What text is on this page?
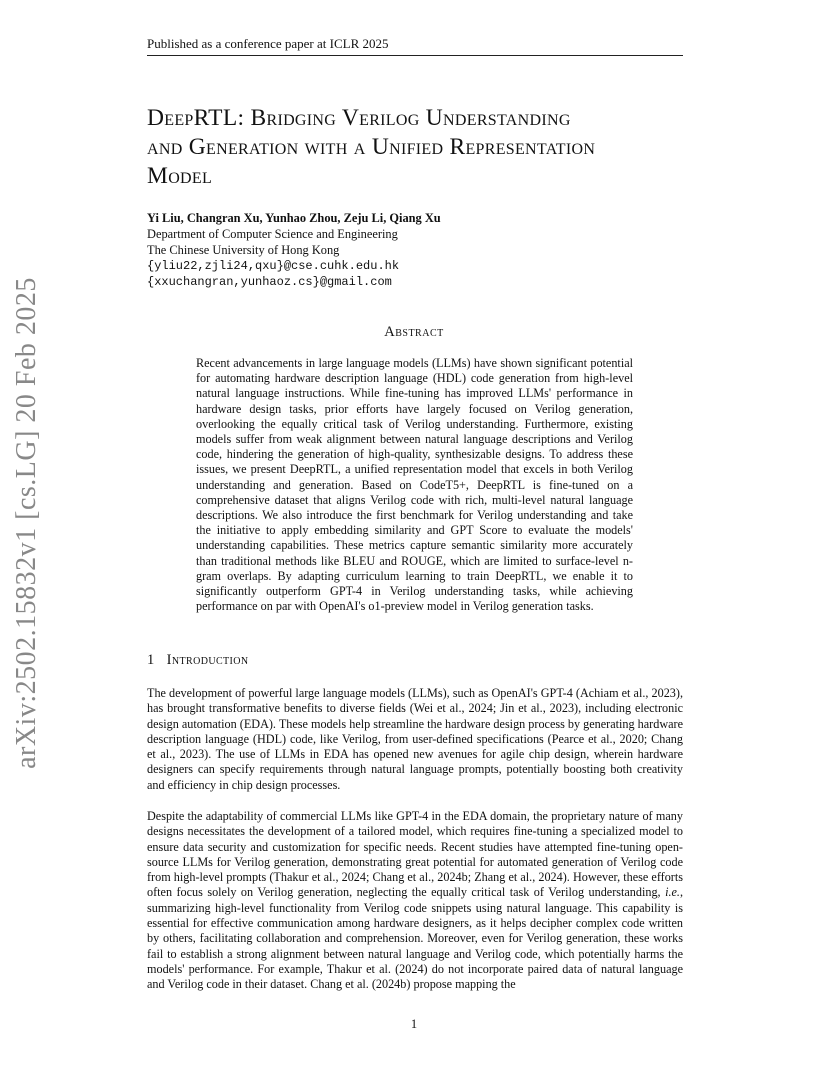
Published as a conference paper at ICLR 2025
arXiv:2502.15832v1 [cs.LG] 20 Feb 2025
DeepRTL: Bridging Verilog Understanding
and Generation with a Unified Representation
Model
Yi Liu, Changran Xu, Yunhao Zhou, Zeju Li, Qiang Xu
Department of Computer Science and Engineering
The Chinese University of Hong Kong
{yliu22,zjli24,qxu}@cse.cuhk.edu.hk
{xxuchangran,yunhaoz.cs}@gmail.com
Abstract
Recent advancements in large language models (LLMs) have shown significant potential for automating hardware description language (HDL) code generation from high-level natural language instructions. While fine-tuning has improved LLMs' performance in hardware design tasks, prior efforts have largely focused on Verilog generation, overlooking the equally critical task of Verilog understanding. Furthermore, existing models suffer from weak alignment between natural language descriptions and Verilog code, hindering the generation of high-quality, synthesizable designs. To address these issues, we present DeepRTL, a unified representation model that excels in both Verilog understanding and generation. Based on CodeT5+, DeepRTL is fine-tuned on a comprehensive dataset that aligns Verilog code with rich, multi-level natural language descriptions. We also introduce the first benchmark for Verilog understanding and take the initiative to apply embedding similarity and GPT Score to evaluate the models' understanding capabilities. These metrics capture semantic similarity more accurately than traditional methods like BLEU and ROUGE, which are limited to surface-level n-gram overlaps. By adapting curriculum learning to train DeepRTL, we enable it to significantly outperform GPT-4 in Verilog understanding tasks, while achieving performance on par with OpenAI's o1-preview model in Verilog generation tasks.
1 Introduction
The development of powerful large language models (LLMs), such as OpenAI's GPT-4 (Achiam et al., 2023), has brought transformative benefits to diverse fields (Wei et al., 2024; Jin et al., 2023), including electronic design automation (EDA). These models help streamline the hardware design process by generating hardware description language (HDL) code, like Verilog, from user-defined specifications (Pearce et al., 2020; Chang et al., 2023). The use of LLMs in EDA has opened new avenues for agile chip design, wherein hardware designers can specify requirements through natural language prompts, potentially boosting both creativity and efficiency in chip design processes.
Despite the adaptability of commercial LLMs like GPT-4 in the EDA domain, the proprietary nature of many designs necessitates the development of a tailored model, which requires fine-tuning a specialized model to ensure data security and customization for specific needs. Recent studies have attempted fine-tuning open-source LLMs for Verilog generation, demonstrating great potential for automated generation of Verilog code from high-level prompts (Thakur et al., 2024; Chang et al., 2024b; Zhang et al., 2024). However, these efforts often focus solely on Verilog generation, neglecting the equally critical task of Verilog understanding, i.e., summarizing high-level functionality from Verilog code snippets using natural language. This capability is essential for effective communication among hardware designers, as it helps decipher complex code written by others, facilitating collaboration and comprehension. Moreover, even for Verilog generation, these works fail to establish a strong alignment between natural language and Verilog code, which potentially harms the models' performance. For example, Thakur et al. (2024) do not incorporate paired data of natural language and Verilog code in their dataset. Chang et al. (2024b) propose mapping the
1
